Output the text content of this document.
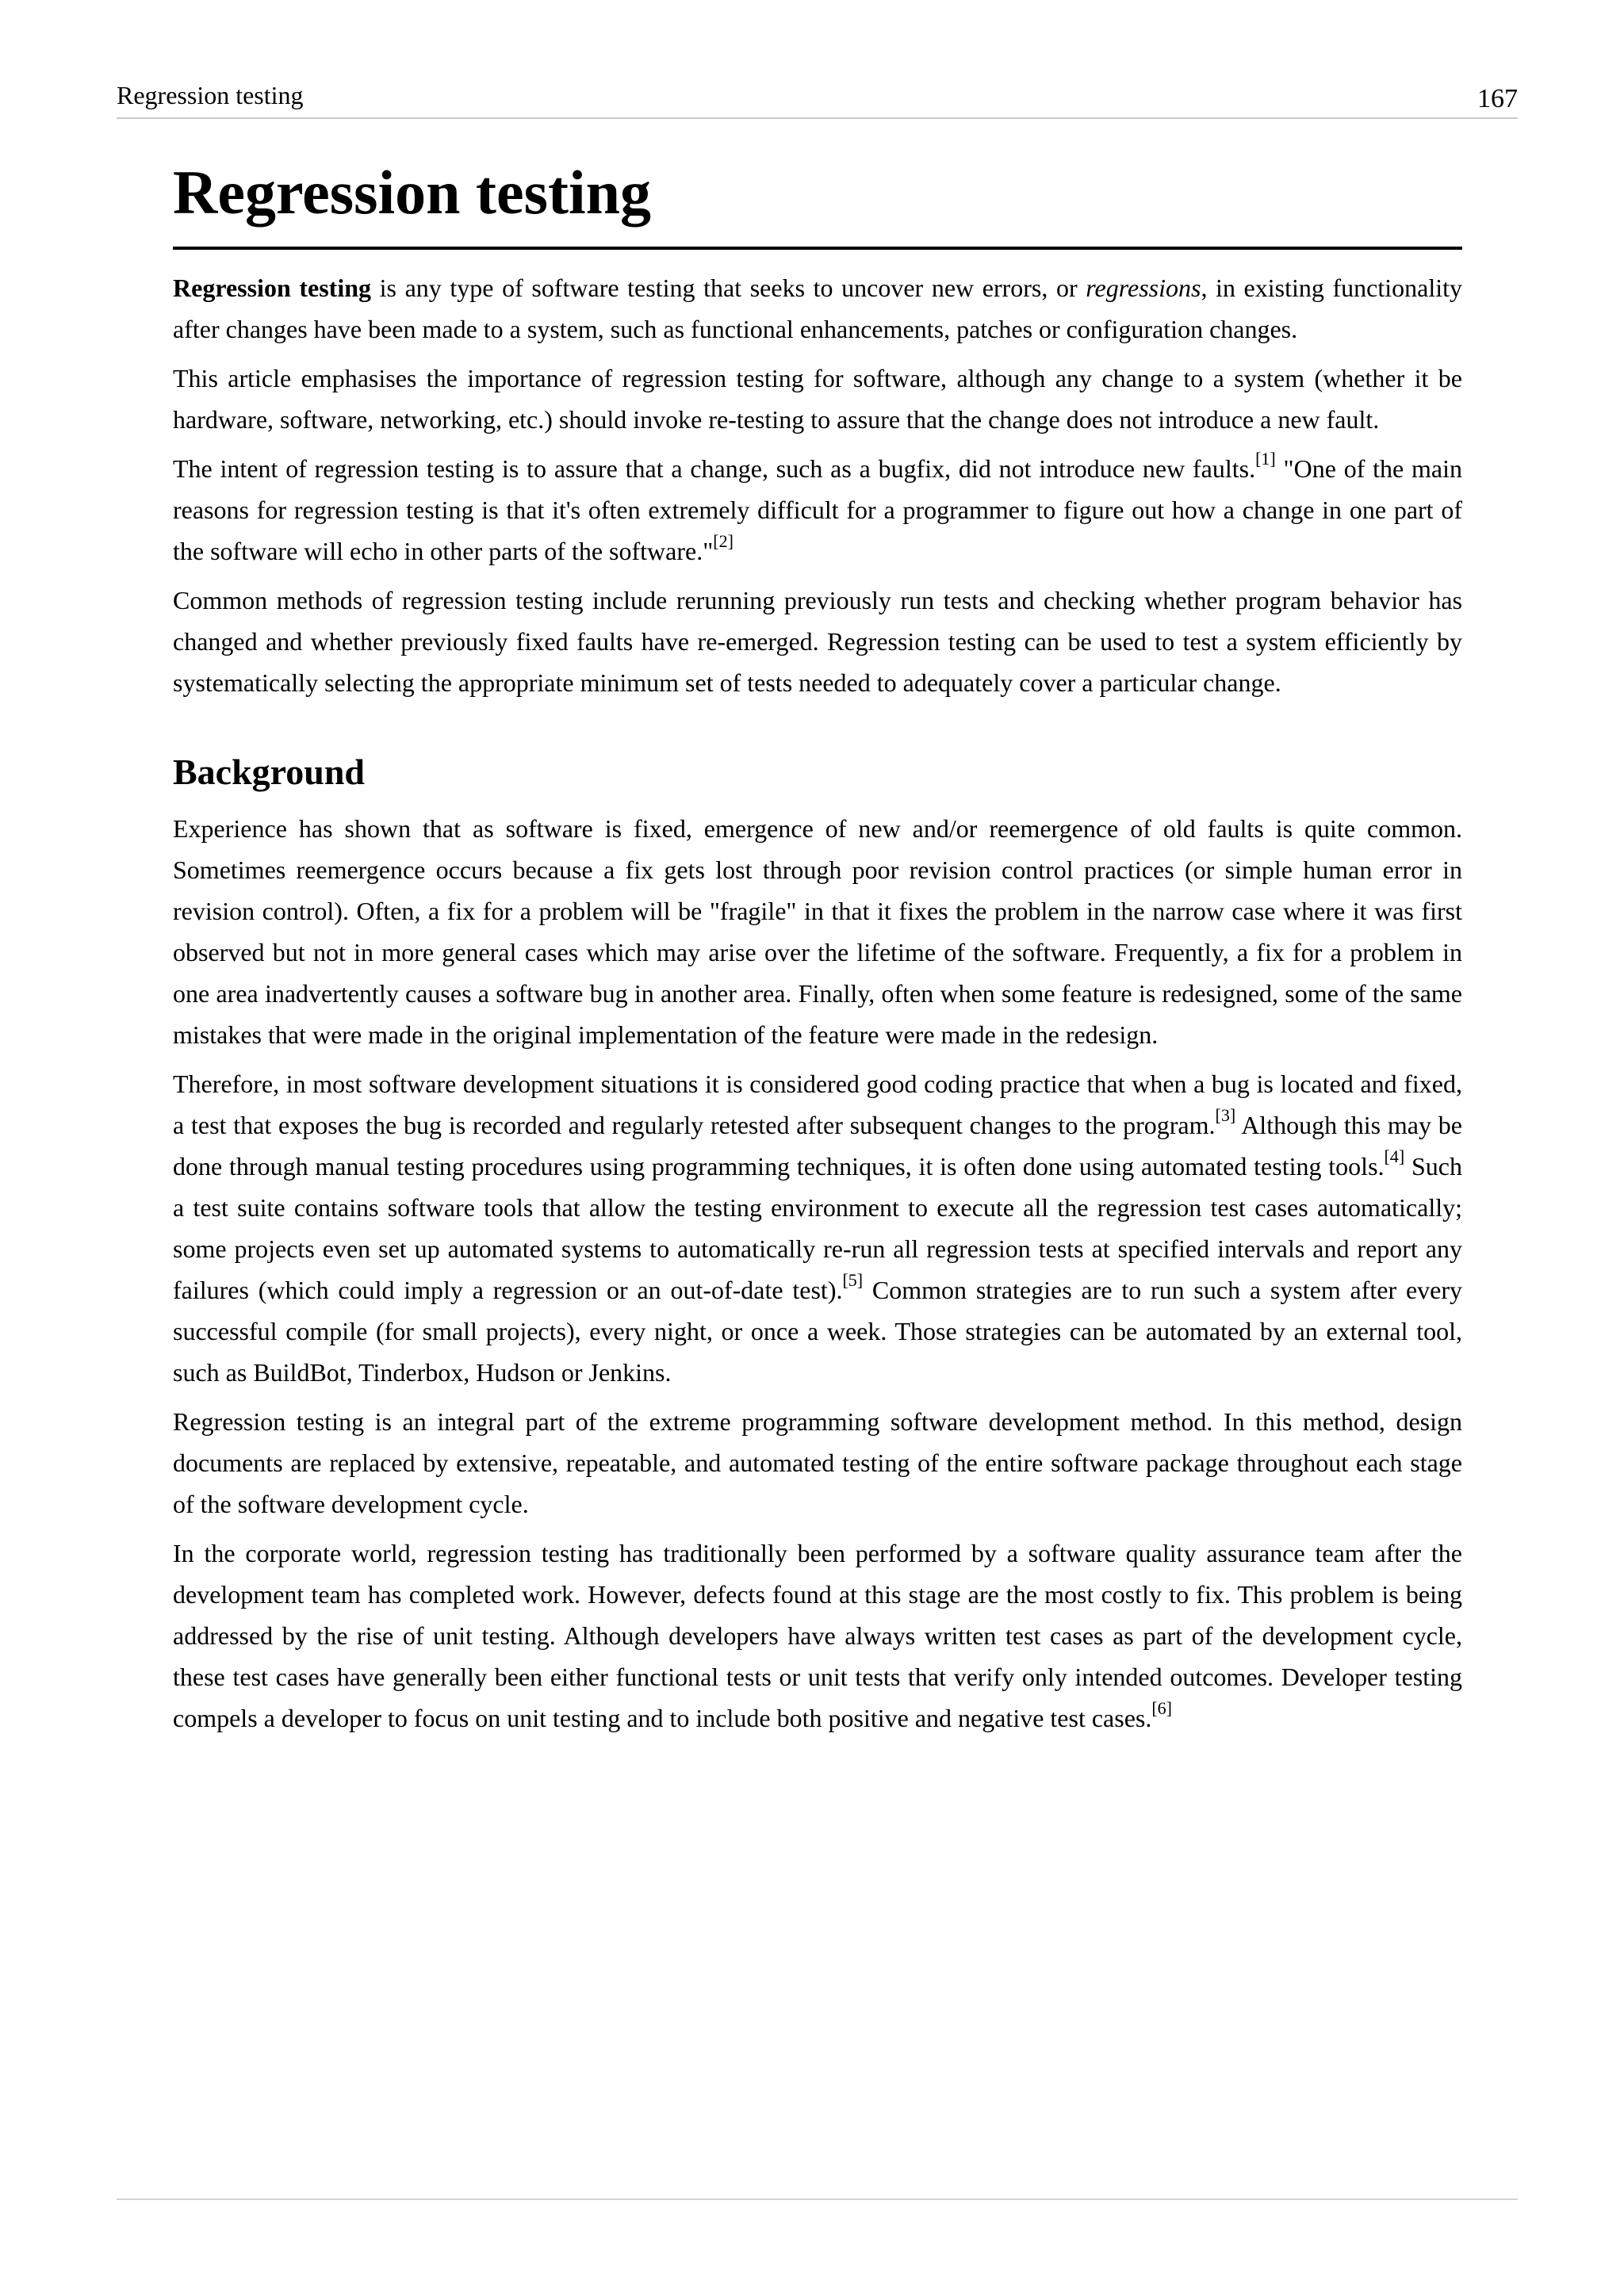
Regression testing	167
Regression testing

Regression testing is any type of software testing that seeks to uncover new errors, or regressions, in existing functionality after changes have been made to a system, such as functional enhancements, patches or configuration changes.

This article emphasises the importance of regression testing for software, although any change to a system (whether it be hardware, software, networking, etc.) should invoke re-testing to assure that the change does not introduce a new fault.

The intent of regression testing is to assure that a change, such as a bugfix, did not introduce new faults.[1] "One of the main reasons for regression testing is that it's often extremely difficult for a programmer to figure out how a change in one part of the software will echo in other parts of the software."[2]

Common methods of regression testing include rerunning previously run tests and checking whether program behavior has changed and whether previously fixed faults have re-emerged. Regression testing can be used to test a system efficiently by systematically selecting the appropriate minimum set of tests needed to adequately cover a particular change.

Background

Experience has shown that as software is fixed, emergence of new and/or reemergence of old faults is quite common. Sometimes reemergence occurs because a fix gets lost through poor revision control practices (or simple human error in revision control). Often, a fix for a problem will be "fragile" in that it fixes the problem in the narrow case where it was first observed but not in more general cases which may arise over the lifetime of the software. Frequently, a fix for a problem in one area inadvertently causes a software bug in another area. Finally, often when some feature is redesigned, some of the same mistakes that were made in the original implementation of the feature were made in the redesign.

Therefore, in most software development situations it is considered good coding practice that when a bug is located and fixed, a test that exposes the bug is recorded and regularly retested after subsequent changes to the program.[3] Although this may be done through manual testing procedures using programming techniques, it is often done using automated testing tools.[4] Such a test suite contains software tools that allow the testing environment to execute all the regression test cases automatically; some projects even set up automated systems to automatically re-run all regression tests at specified intervals and report any failures (which could imply a regression or an out-of-date test).[5] Common strategies are to run such a system after every successful compile (for small projects), every night, or once a week. Those strategies can be automated by an external tool, such as BuildBot, Tinderbox, Hudson or Jenkins.

Regression testing is an integral part of the extreme programming software development method. In this method, design documents are replaced by extensive, repeatable, and automated testing of the entire software package throughout each stage of the software development cycle.

In the corporate world, regression testing has traditionally been performed by a software quality assurance team after the development team has completed work. However, defects found at this stage are the most costly to fix. This problem is being addressed by the rise of unit testing. Although developers have always written test cases as part of the development cycle, these test cases have generally been either functional tests or unit tests that verify only intended outcomes. Developer testing compels a developer to focus on unit testing and to include both positive and negative test cases.[6]
